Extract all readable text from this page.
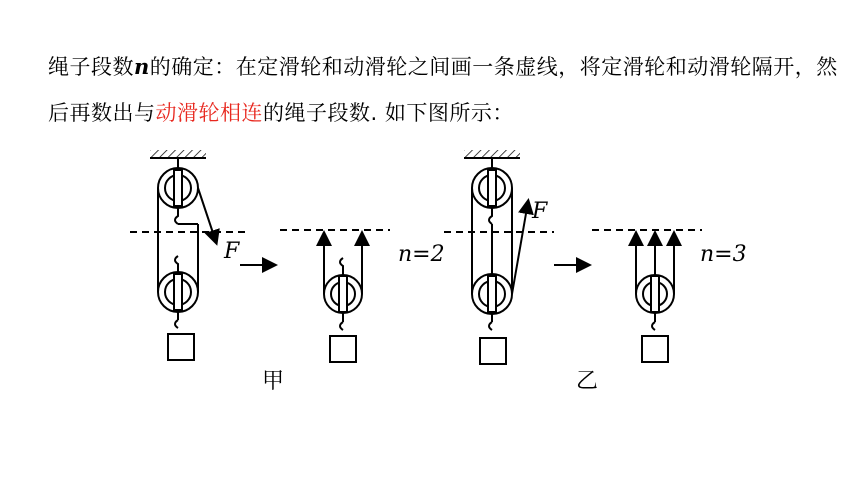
绳子段数n的确定：在定滑轮和动滑轮之间画一条虚线，将定滑轮和动滑轮隔开，然后再数出与动滑轮相连的绳子段数. 如下图所示：
F	n=2
甲
F
n=3
乙
